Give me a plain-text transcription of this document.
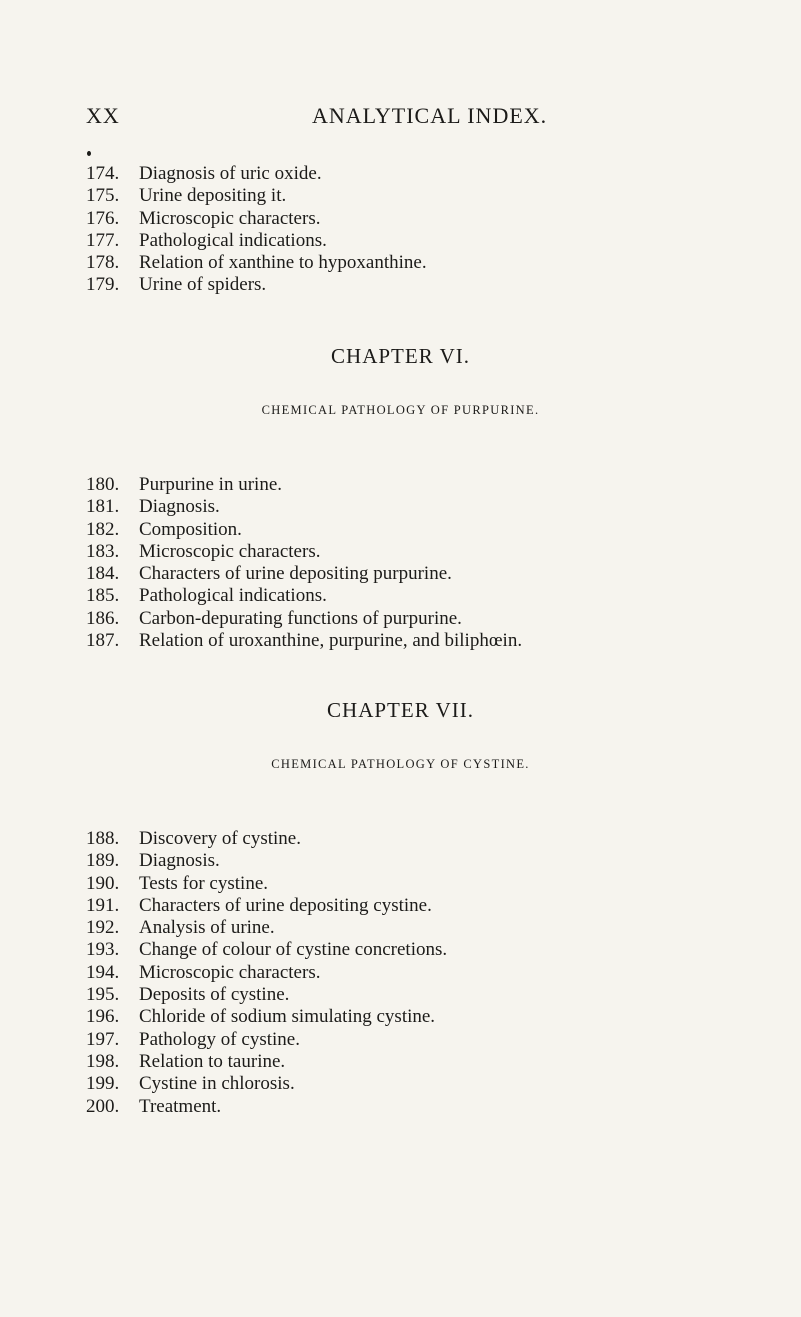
XX	ANALYTICAL INDEX.
174. Diagnosis of uric oxide.
175. Urine depositing it.
176. Microscopic characters.
177. Pathological indications.
178. Relation of xanthine to hypoxanthine.
179. Urine of spiders.
CHAPTER VI.
CHEMICAL PATHOLOGY OF PURPURINE.
180. Purpurine in urine.
181. Diagnosis.
182. Composition.
183. Microscopic characters.
184. Characters of urine depositing purpurine.
185. Pathological indications.
186. Carbon-depurating functions of purpurine.
187. Relation of uroxanthine, purpurine, and biliphœin.
CHAPTER VII.
CHEMICAL PATHOLOGY OF CYSTINE.
188. Discovery of cystine.
189. Diagnosis.
190. Tests for cystine.
191. Characters of urine depositing cystine.
192. Analysis of urine.
193. Change of colour of cystine concretions.
194. Microscopic characters.
195. Deposits of cystine.
196. Chloride of sodium simulating cystine.
197. Pathology of cystine.
198. Relation to taurine.
199. Cystine in chlorosis.
200. Treatment.
